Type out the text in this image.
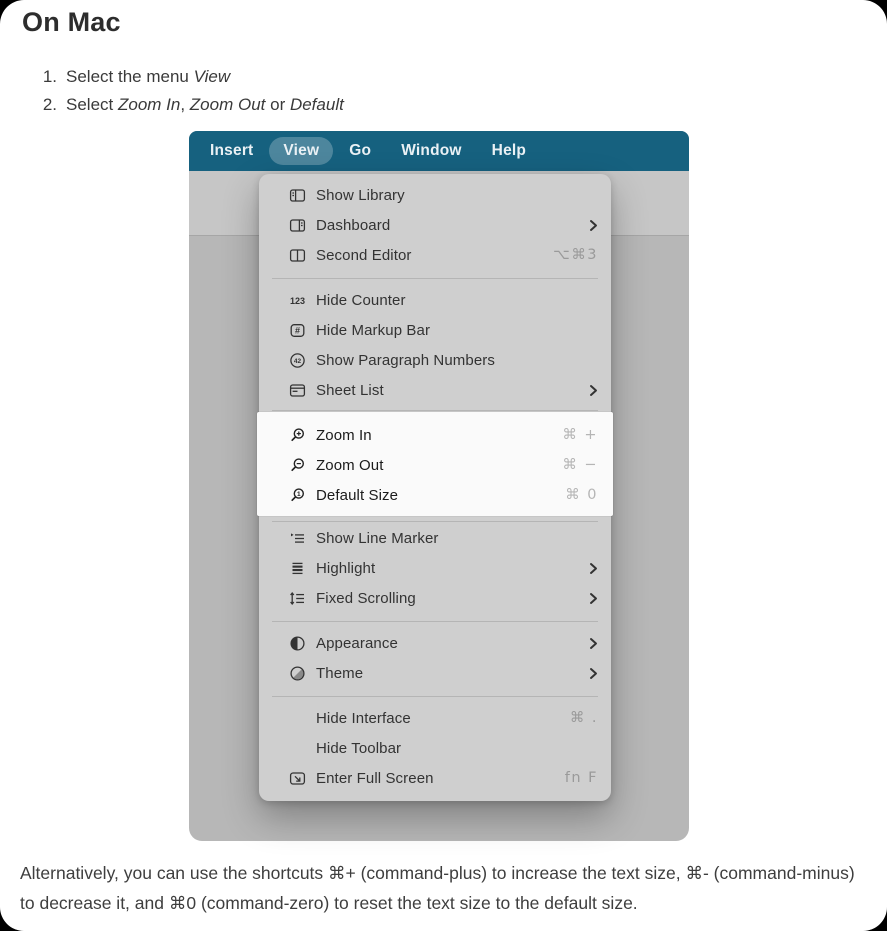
On Mac
1. Select the menu View
2. Select Zoom In, Zoom Out or Default
Insert	View	Go	Window	Help
Show Library
Dashboard
Second Editor	⌥⌘3
123 Hide Counter
# Hide Markup Bar
42 Show Paragraph Numbers
Sheet List
Zoom In	⌘ +
Zoom Out	⌘ −
1 Default Size	⌘ 0
Show Line Marker
Highlight
Fixed Scrolling
Appearance
Theme
Hide Interface	⌘ .
Hide Toolbar
Enter Full Screen	fn F

Alternatively, you can use the shortcuts ⌘+ (command-plus) to increase the text size, ⌘- (command-minus) to decrease it, and ⌘0 (command-zero) to reset the text size to the default size.
